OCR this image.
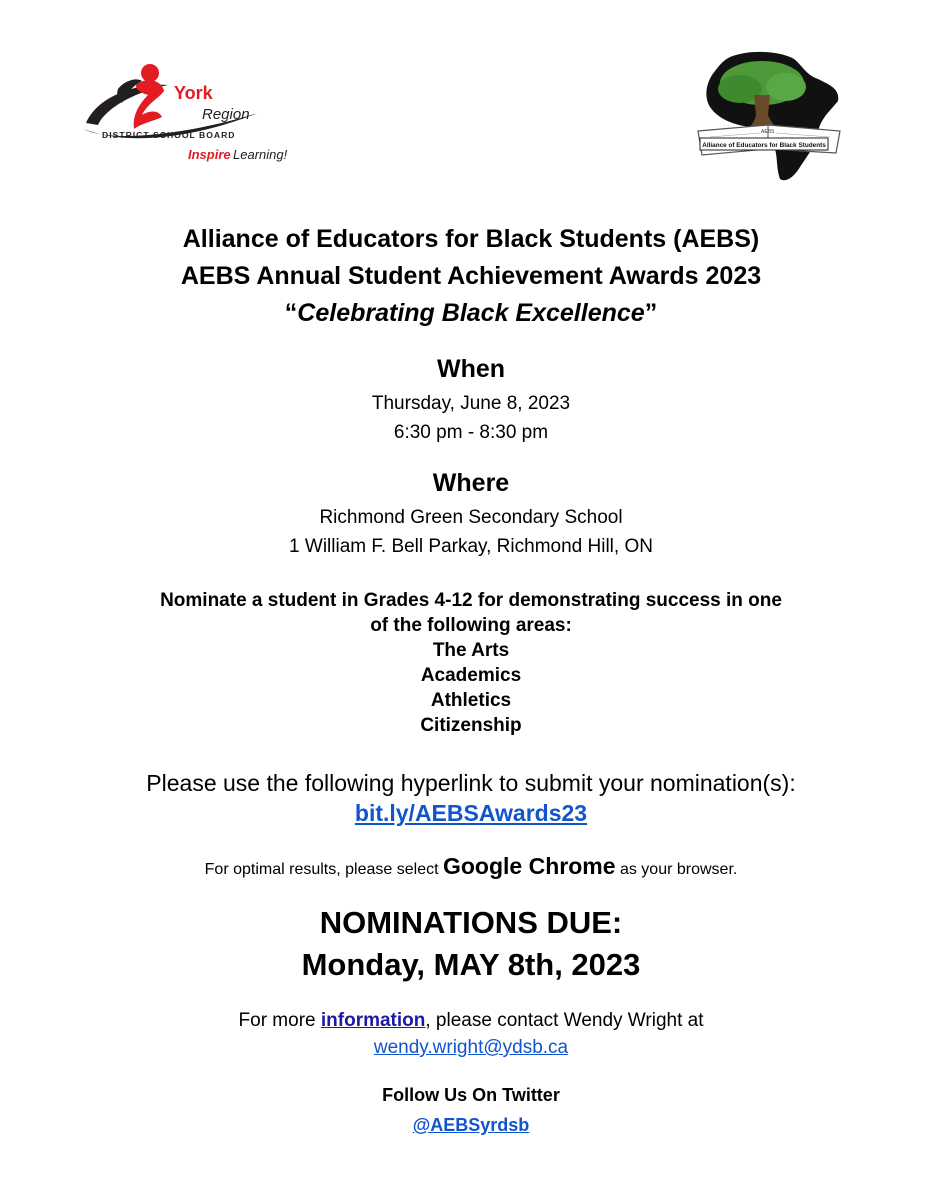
York
Region
DISTRICT SCHOOL BOARD
Inspire Learning!
AEBS
Alliance of Educators for Black Students
Alliance of Educators for Black Students (AEBS)
AEBS Annual Student Achievement Awards 2023
“Celebrating Black Excellence”
When
Thursday, June 8, 2023
6:30 pm - 8:30 pm
Where
Richmond Green Secondary School
1 William F. Bell Parkay, Richmond Hill, ON
Nominate a student in Grades 4-12 for demonstrating success in one
of the following areas:
The Arts
Academics
Athletics
Citizenship
Please use the following hyperlink to submit your nomination(s):
bit.ly/AEBSAwards23
For optimal results, please select Google Chrome as your browser.
NOMINATIONS DUE:
Monday, MAY 8th, 2023
For more information, please contact Wendy Wright at
wendy.wright@ydsb.ca
Follow Us On Twitter
@AEBSyrdsb
